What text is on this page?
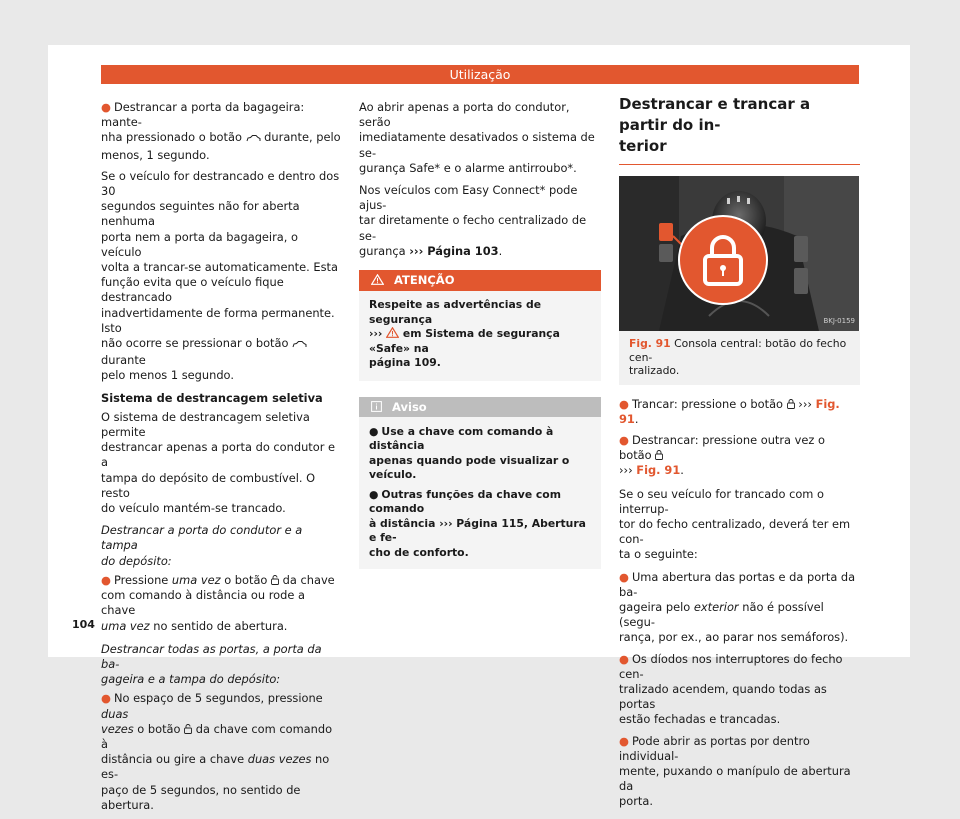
Utilização

● Destrancar a porta da bagageira: mante-
nha pressionado o botão  durante, pelo
menos, 1 segundo.

Se o veículo for destrancado e dentro dos 30
segundos seguintes não for aberta nenhuma
porta nem a porta da bagageira, o veículo
volta a trancar-se automaticamente. Esta
função evita que o veículo fique destrancado
inadvertidamente de forma permanente. Isto
não ocorre se pressionar o botão  durante
pelo menos 1 segundo.

Sistema de destrancagem seletiva

O sistema de destrancagem seletiva permite
destrancar apenas a porta do condutor e a
tampa do depósito de combustível. O resto
do veículo mantém-se trancado.

Destrancar a porta do condutor e a tampa
do depósito:

● Pressione uma vez o botão  da chave
com comando à distância ou rode a chave
uma vez no sentido de abertura.

Destrancar todas as portas, a porta da ba-
gageira e a tampa do depósito:

● No espaço de 5 segundos, pressione duas
vezes o botão  da chave com comando à
distância ou gire a chave duas vezes no es-
paço de 5 segundos, no sentido de abertura.

Ao abrir apenas a porta do condutor, serão
imediatamente desativados o sistema de se-
gurança Safe* e o alarme antirroubo*.

Nos veículos com Easy Connect* pode ajus-
tar diretamente o fecho centralizado de se-
gurança ››› Página 103.

ATENÇÃO
Respeite as advertências de segurança
›››  em Sistema de segurança «Safe» na
página 109.
Aviso

● Use a chave com comando à distância
apenas quando pode visualizar o veículo.

● Outras funções da chave com comando
à distância ››› Página 115, Abertura e fe-
cho de conforto.

Destrancar e trancar a partir do in-
terior
BKJ-0159
Fig. 91 Consola central: botão do fecho cen-
tralizado.

● Trancar: pressione o botão  ››› Fig. 91.

● Destrancar: pressione outra vez o botão
››› Fig. 91.

Se o seu veículo for trancado com o interrup-
tor do fecho centralizado, deverá ter em con-
ta o seguinte:

● Uma abertura das portas e da porta da ba-
gageira pelo exterior não é possível (segu-
rança, por ex., ao parar nos semáforos).

● Os díodos nos interruptores do fecho cen-
tralizado acendem, quando todas as portas
estão fechadas e trancadas.

● Pode abrir as portas por dentro individual-
mente, puxando o manípulo de abertura da
porta.

104
